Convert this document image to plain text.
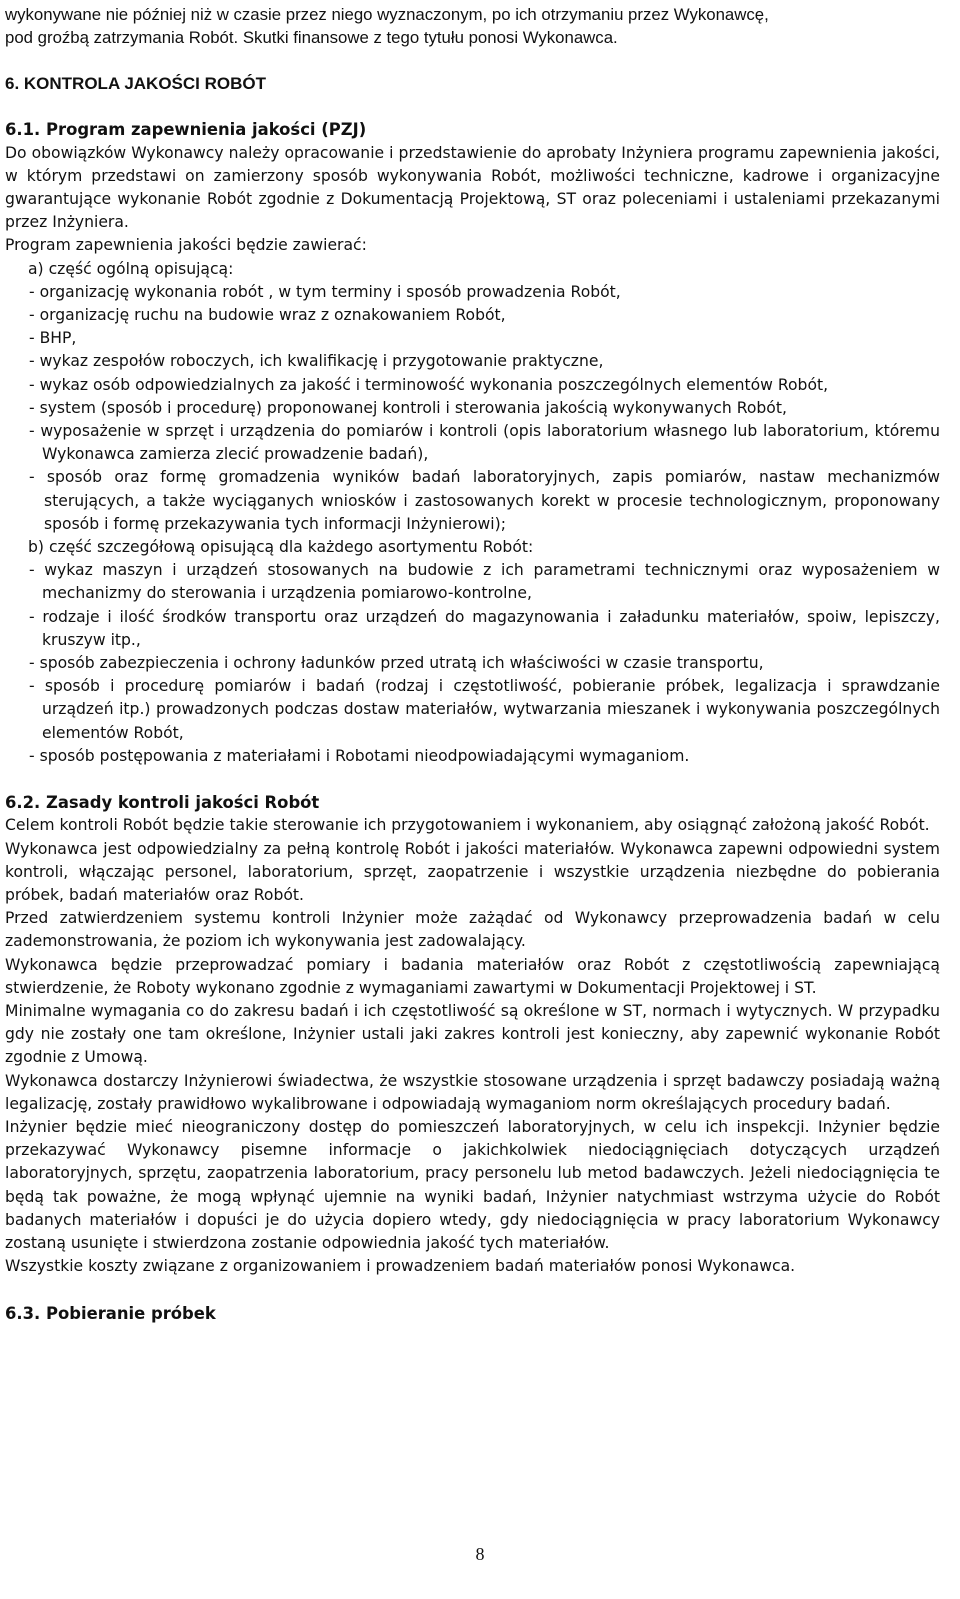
wykonywane nie później niż w czasie przez niego wyznaczonym, po ich otrzymaniu przez Wykonawcę,

pod groźbą zatrzymania Robót. Skutki finansowe z tego tytułu ponosi Wykonawca.

6. KONTROLA JAKOŚCI ROBÓT
6.1. Program zapewnienia jakości (PZJ)

Do obowiązków Wykonawcy należy opracowanie i przedstawienie do aprobaty Inżyniera programu zapewnienia jakości, w którym przedstawi on zamierzony sposób wykonywania Robót, możliwości techniczne, kadrowe i organizacyjne gwarantujące wykonanie Robót zgodnie z Dokumentacją Projektową, ST oraz poleceniami i ustaleniami przekazanymi przez Inżyniera.

Program zapewnienia jakości będzie zawierać:

a) część ogólną opisującą:

- organizację wykonania robót , w tym terminy i sposób prowadzenia Robót,

- organizację ruchu na budowie wraz z oznakowaniem Robót,

- BHP,

- wykaz zespołów roboczych, ich kwalifikację i przygotowanie praktyczne,

- wykaz osób odpowiedzialnych za jakość i terminowość wykonania poszczególnych elementów Robót,

- system (sposób i procedurę) proponowanej kontroli i sterowania jakością wykonywanych Robót,

- wyposażenie w sprzęt i urządzenia do pomiarów i kontroli (opis laboratorium własnego lub laboratorium, któremu Wykonawca zamierza zlecić prowadzenie badań),

- sposób oraz formę gromadzenia wyników badań laboratoryjnych, zapis pomiarów, nastaw mechanizmów sterujących, a także wyciąganych wniosków i zastosowanych korekt w procesie technologicznym, proponowany sposób i formę przekazywania tych informacji Inżynierowi);

b) część szczegółową opisującą dla każdego asortymentu Robót:

- wykaz maszyn i urządzeń stosowanych na budowie z ich parametrami technicznymi oraz wyposażeniem w mechanizmy do sterowania i urządzenia pomiarowo-kontrolne,

- rodzaje i ilość środków transportu oraz urządzeń do magazynowania i załadunku materiałów, spoiw, lepiszczy, kruszyw itp.,

- sposób zabezpieczenia i ochrony ładunków przed utratą ich właściwości w czasie transportu,

- sposób i procedurę pomiarów i badań (rodzaj i częstotliwość, pobieranie próbek, legalizacja i sprawdzanie urządzeń itp.) prowadzonych podczas dostaw materiałów, wytwarzania mieszanek i wykonywania poszczególnych elementów Robót,

- sposób postępowania z materiałami i Robotami nieodpowiadającymi wymaganiom.

6.2. Zasady kontroli jakości Robót

Celem kontroli Robót będzie takie sterowanie ich przygotowaniem i wykonaniem, aby osiągnąć założoną jakość Robót.

Wykonawca jest odpowiedzialny za pełną kontrolę Robót i jakości materiałów. Wykonawca zapewni odpowiedni system kontroli, włączając personel, laboratorium, sprzęt, zaopatrzenie i wszystkie urządzenia niezbędne do pobierania próbek, badań materiałów oraz Robót.

Przed zatwierdzeniem systemu kontroli Inżynier może zażądać od Wykonawcy przeprowadzenia badań w celu zademonstrowania, że poziom ich wykonywania jest zadowalający.

Wykonawca będzie przeprowadzać pomiary i badania materiałów oraz Robót z częstotliwością zapewniającą stwierdzenie, że Roboty wykonano zgodnie z wymaganiami zawartymi w Dokumentacji Projektowej i ST.

Minimalne wymagania co do zakresu badań i ich częstotliwość są określone w ST, normach i wytycznych. W przypadku gdy nie zostały one tam określone, Inżynier ustali jaki zakres kontroli jest konieczny, aby zapewnić wykonanie Robót zgodnie z Umową.

Wykonawca dostarczy Inżynierowi świadectwa, że wszystkie stosowane urządzenia i sprzęt badawczy posiadają ważną legalizację, zostały prawidłowo wykalibrowane i odpowiadają wymaganiom norm określających procedury badań.

Inżynier będzie mieć nieograniczony dostęp do pomieszczeń laboratoryjnych, w celu ich inspekcji. Inżynier będzie przekazywać Wykonawcy pisemne informacje o jakichkolwiek niedociągnięciach dotyczących urządzeń laboratoryjnych, sprzętu, zaopatrzenia laboratorium, pracy personelu lub metod badawczych. Jeżeli niedociągnięcia te będą tak poważne, że mogą wpłynąć ujemnie na wyniki badań, Inżynier natychmiast wstrzyma użycie do Robót badanych materiałów i dopuści je do użycia dopiero wtedy, gdy niedociągnięcia w pracy laboratorium Wykonawcy zostaną usunięte i stwierdzona zostanie odpowiednia jakość tych materiałów.

Wszystkie koszty związane z organizowaniem i prowadzeniem badań materiałów ponosi Wykonawca.

6.3. Pobieranie próbek
8
